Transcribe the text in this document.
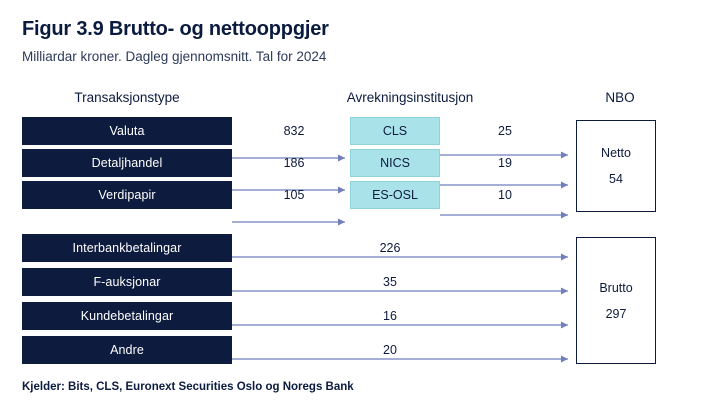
Figur 3.9 Brutto- og nettooppgjer
Milliardar kroner. Dagleg gjennomsnitt. Tal for 2024
Transaksjonstype	Avrekningsinstitusjon	NBO
Valuta
Detaljhandel
Verdipapir
832
186
105
CLS
NICS
ES-OSL
25
19
10
Interbankbetalingar
F-auksjonar
Kundebetalingar
Andre
226
35
16
20
Netto
54
Brutto
297
Kjelder: Bits, CLS, Euronext Securities Oslo og Noregs Bank
